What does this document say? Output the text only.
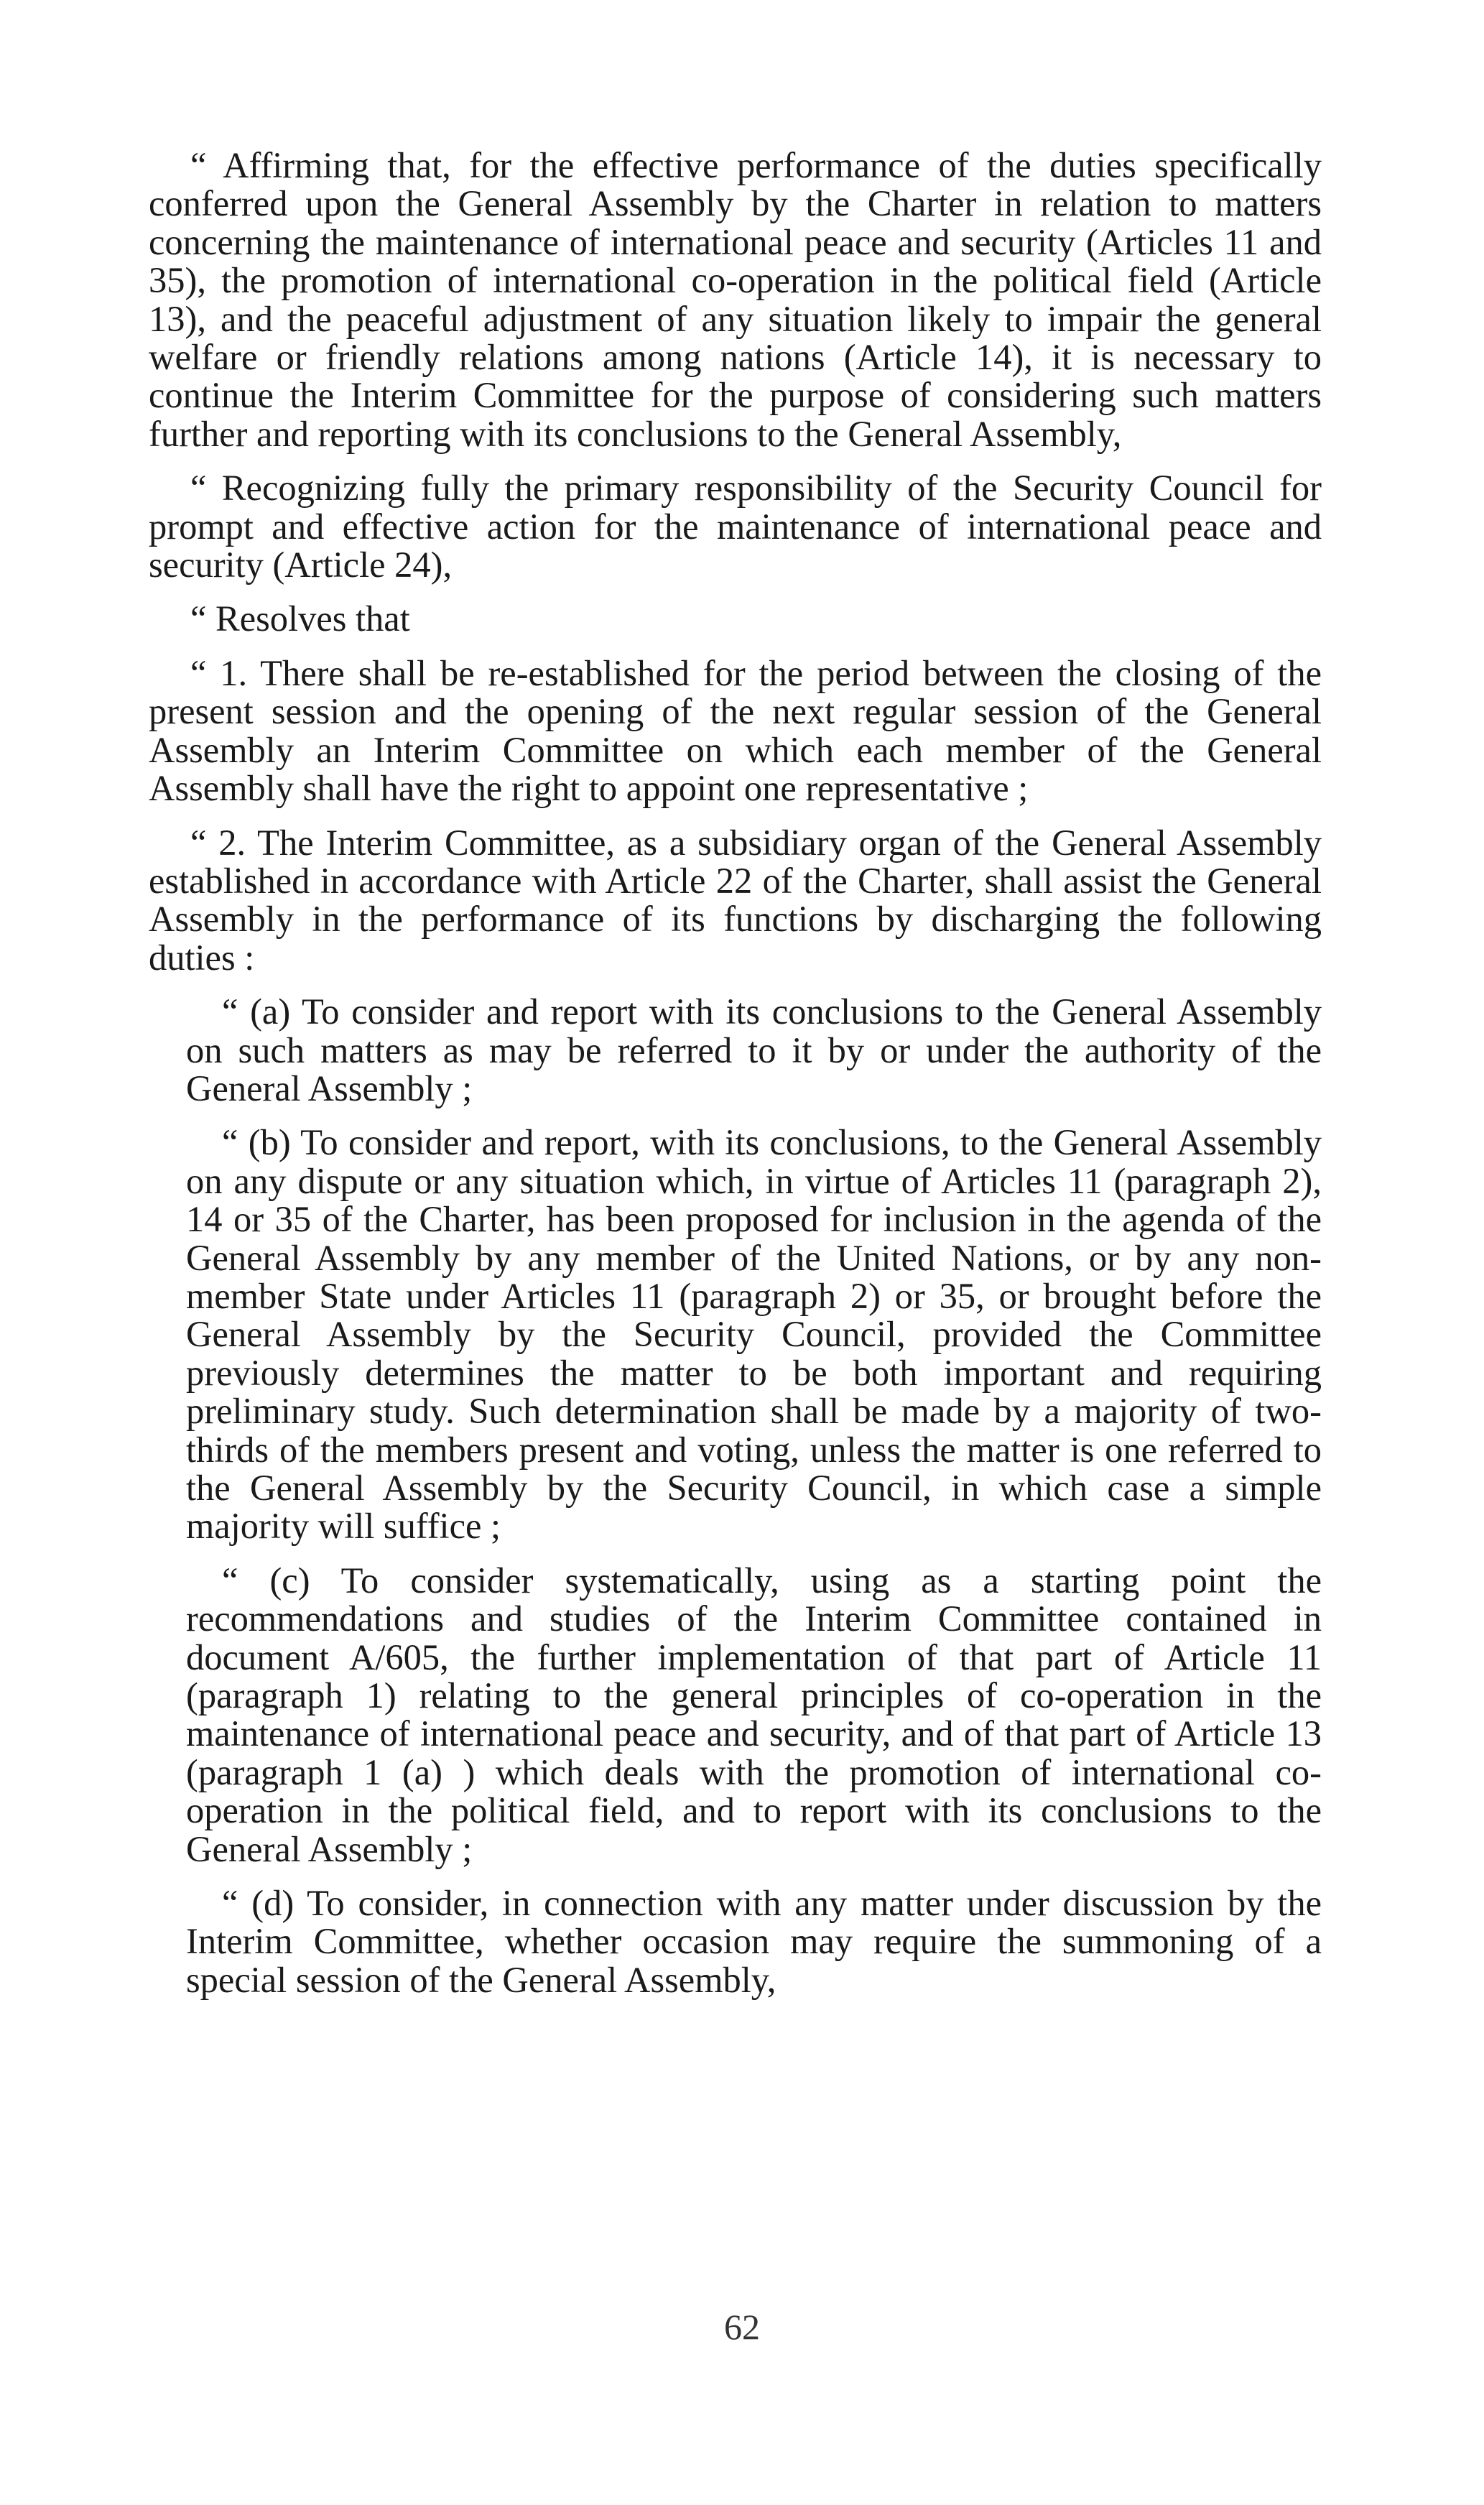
“ Affirming that, for the effective performance of the duties specifically conferred upon the General Assembly by the Charter in relation to matters concerning the maintenance of international peace and security (Articles 11 and 35), the promotion of international co-operation in the political field (Article 13), and the peaceful adjustment of any situation likely to impair the general welfare or friendly relations among nations (Article 14), it is necessary to continue the Interim Committee for the purpose of considering such matters further and reporting with its conclusions to the General Assembly,

“ Recognizing fully the primary responsibility of the Security Council for prompt and effective action for the maintenance of international peace and security (Article 24),

“ Resolves that

“ 1. There shall be re-established for the period between the closing of the present session and the opening of the next regular session of the General Assembly an Interim Committee on which each member of the General Assembly shall have the right to appoint one representative ;

“ 2. The Interim Committee, as a subsidiary organ of the General Assembly established in accordance with Article 22 of the Charter, shall assist the General Assembly in the performance of its functions by discharging the following duties :

“ (a) To consider and report with its conclusions to the General Assembly on such matters as may be referred to it by or under the authority of the General Assembly ;

“ (b) To consider and report, with its conclusions, to the General Assembly on any dispute or any situation which, in virtue of Articles 11 (paragraph 2), 14 or 35 of the Charter, has been proposed for inclusion in the agenda of the General Assembly by any member of the United Nations, or by any non-member State under Articles 11 (paragraph 2) or 35, or brought before the General Assembly by the Security Council, provided the Committee previously determines the matter to be both important and requiring preliminary study. Such determination shall be made by a majority of two-thirds of the members present and voting, unless the matter is one referred to the General Assembly by the Security Council, in which case a simple majority will suffice ;

“ (c) To consider systematically, using as a starting point the recommendations and studies of the Interim Committee contained in document A/605, the further implementation of that part of Article 11 (paragraph 1) relating to the general principles of co-operation in the maintenance of international peace and security, and of that part of Article 13 (paragraph 1 (a) ) which deals with the promotion of international co-operation in the political field, and to report with its conclusions to the General Assembly ;

“ (d) To consider, in connection with any matter under discussion by the Interim Committee, whether occasion may require the summoning of a special session of the General Assembly,

62
